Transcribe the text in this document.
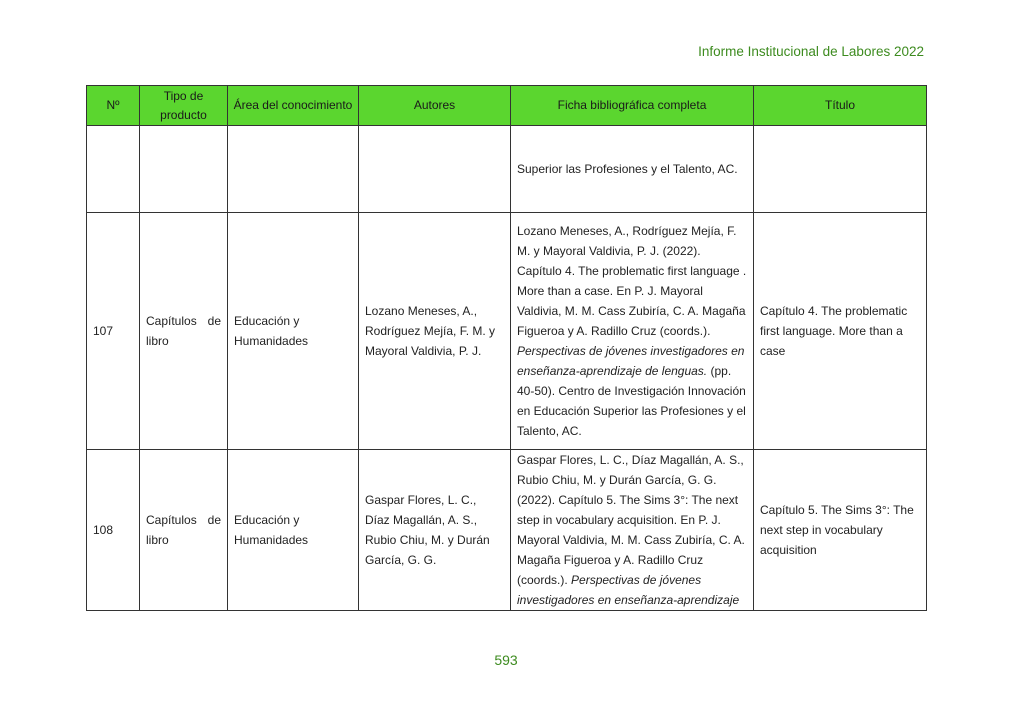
Informe Institucional de Labores 2022
Nº	Tipo de producto	Área del conocimiento	Autores	Ficha bibliográfica completa	Título
				Superior las Profesiones y el Talento, AC.	
107	Capítulos de libro	Educación y Humanidades	Lozano Meneses, A., Rodríguez Mejía, F. M. y Mayoral Valdivia, P. J.	Lozano Meneses, A., Rodríguez Mejía, F. M. y Mayoral Valdivia, P. J. (2022). Capítulo 4. The problematic first language . More than a case. En P. J. Mayoral Valdivia, M. M. Cass Zubiría, C. A. Magaña Figueroa y A. Radillo Cruz (coords.). Perspectivas de jóvenes investigadores en enseñanza-aprendizaje de lenguas. (pp. 40-50). Centro de Investigación Innovación en Educación Superior las Profesiones y el Talento, AC.	Capítulo 4. The problematic first language. More than a case
108	Capítulos de libro	Educación y Humanidades	Gaspar Flores, L. C., Díaz Magallán, A. S., Rubio Chiu, M. y Durán García, G. G.	Gaspar Flores, L. C., Díaz Magallán, A. S., Rubio Chiu, M. y Durán García, G. G. (2022). Capítulo 5. The Sims 3°: The next step in vocabulary acquisition. En P. J. Mayoral Valdivia, M. M. Cass Zubiría, C. A. Magaña Figueroa y A. Radillo Cruz (coords.). Perspectivas de jóvenes investigadores en enseñanza-aprendizaje	Capítulo 5. The Sims 3°: The next step in vocabulary acquisition
593
